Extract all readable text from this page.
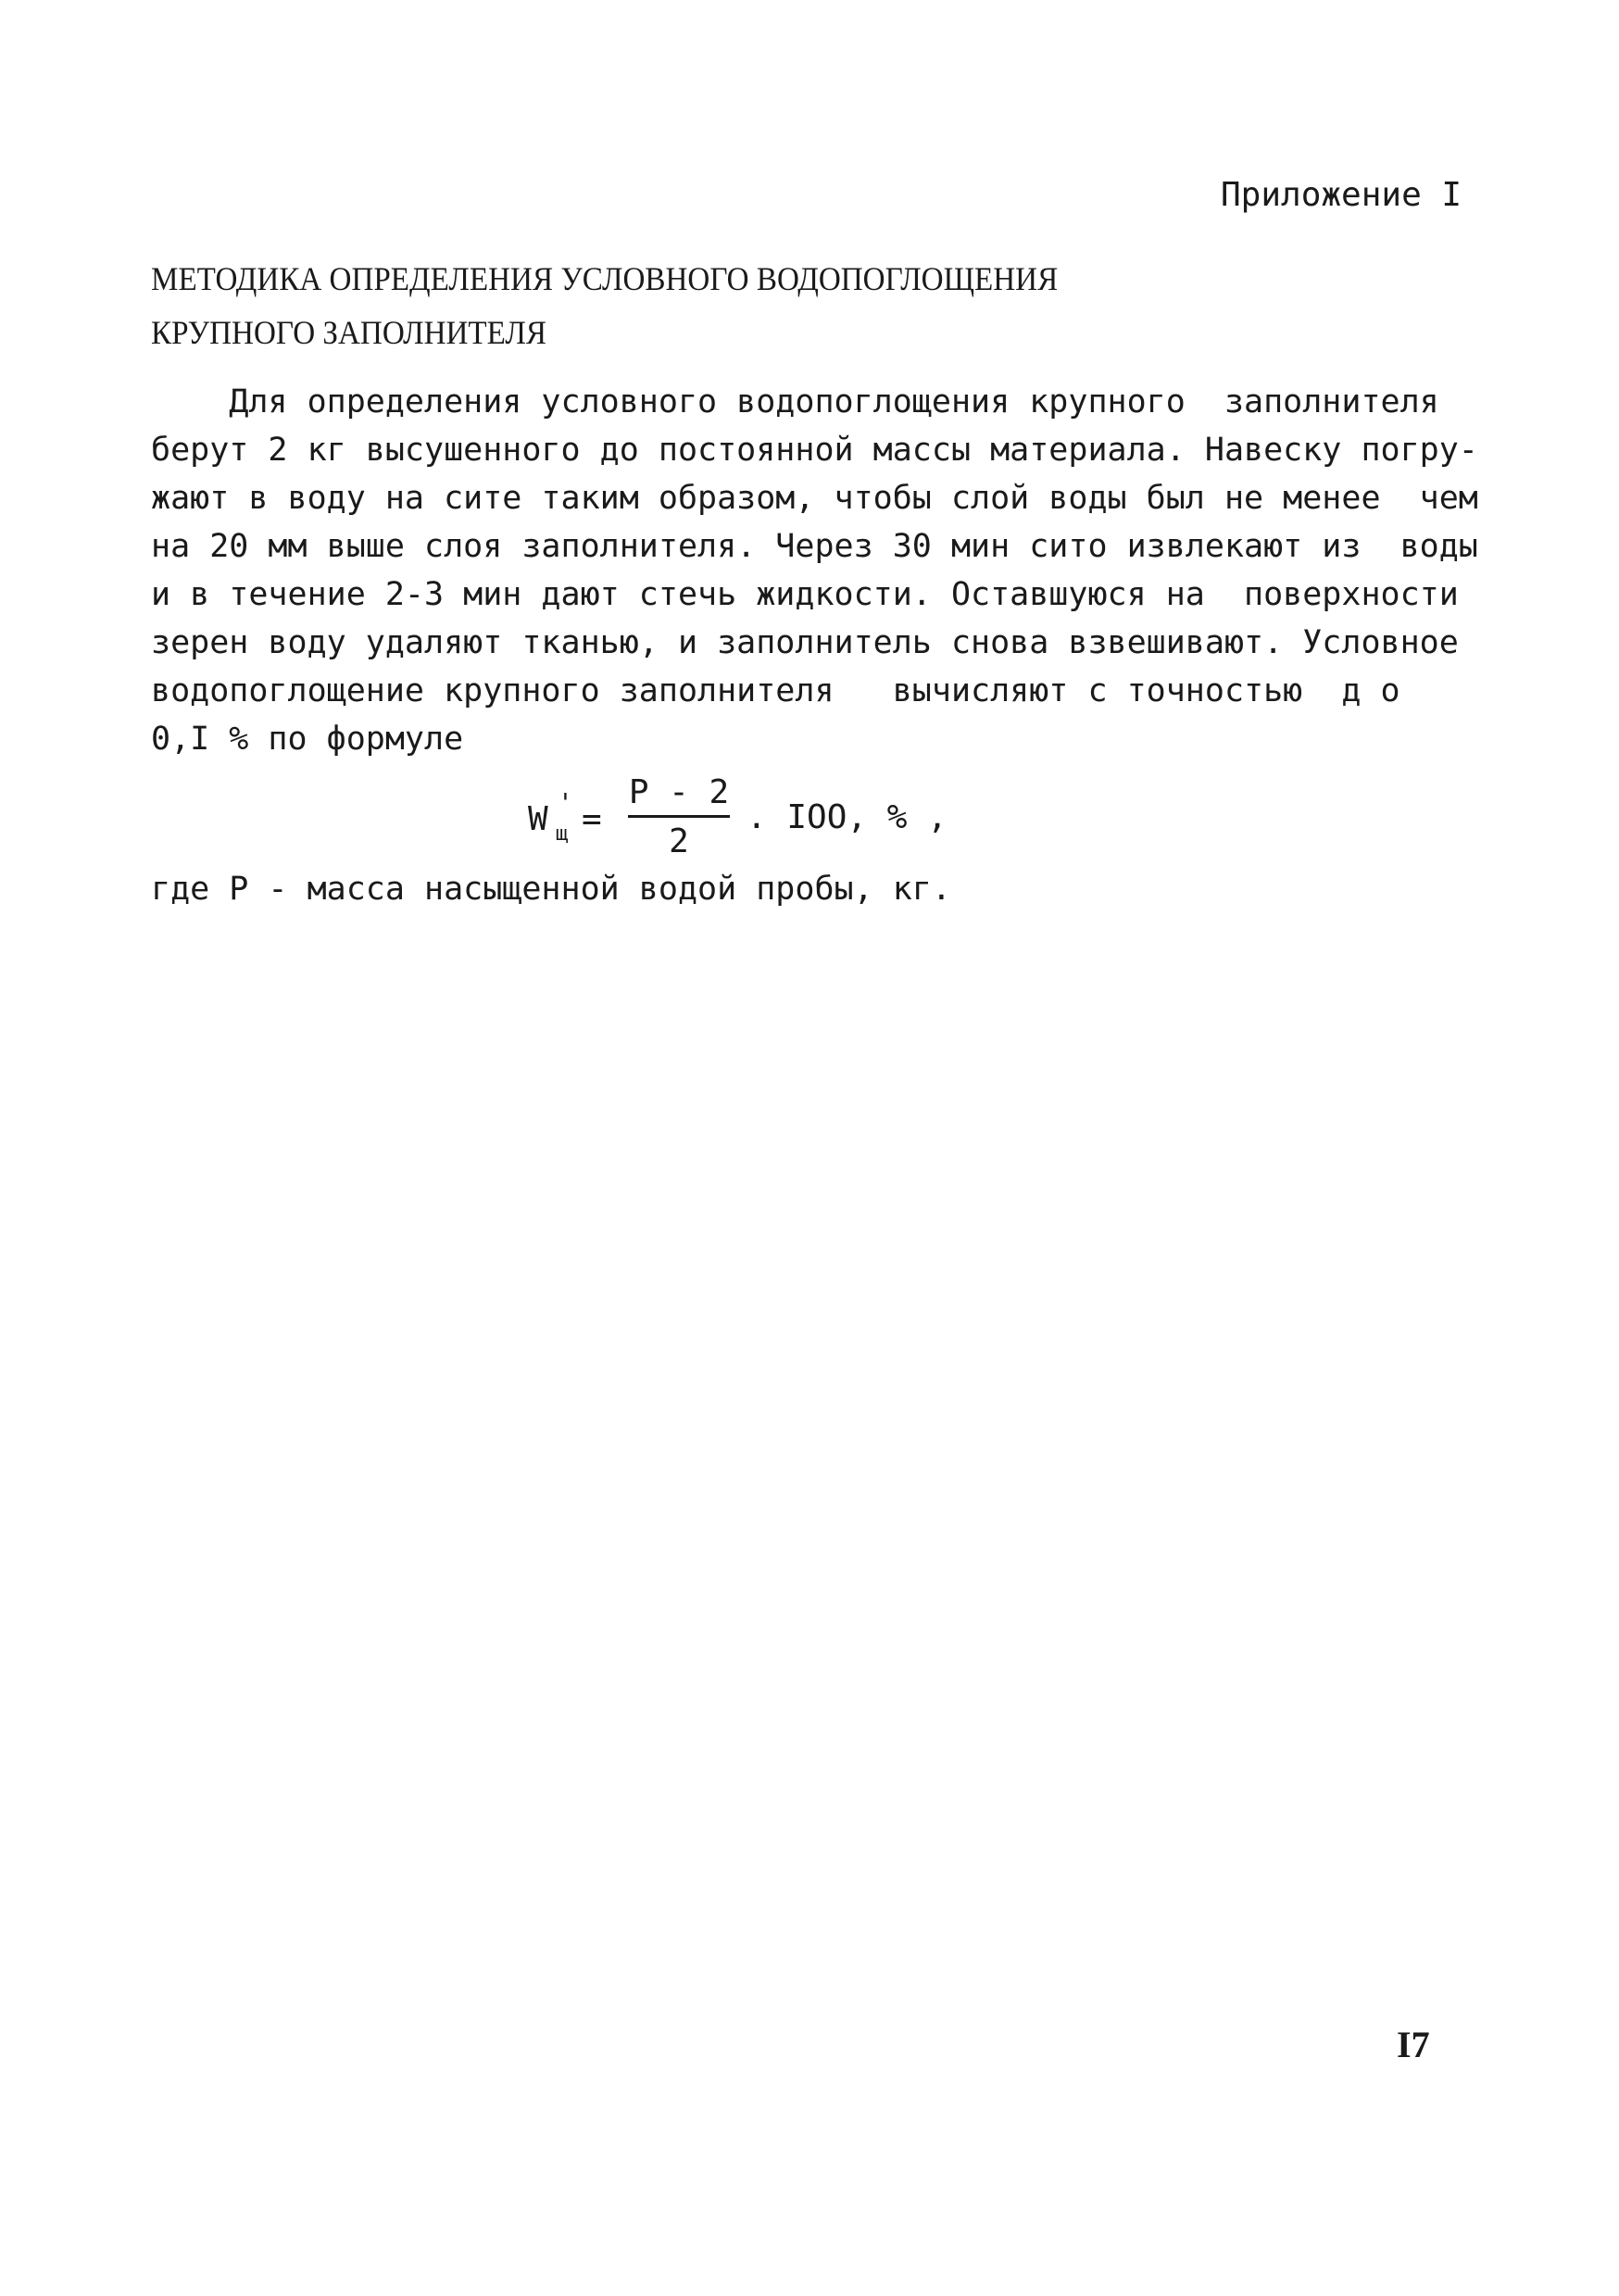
Приложение I
МЕТОДИКА ОПРЕДЕЛЕНИЯ УСЛОВНОГО ВОДОПОГЛОЩЕНИЯ
КРУПНОГО ЗАПОЛНИТЕЛЯ
Для определения условного водопоглощения крупного  заполнителя
берут 2 кг высушенного до постоянной массы материала. Навеску погру-
жают в воду на сите таким образом, чтобы слой воды был не менее  чем
на 20 мм выше слоя заполнителя. Через 30 мин сито извлекают из  воды
и в течение 2-3 мин дают стечь жидкости. Оставшуюся на  поверхности
зерен воду удаляют тканью, и заполнитель снова взвешивают. Условное
водопоглощение крупного заполнителя   вычисляют с точностью  д о
0,I % по формуле
W '
щ =
P - 2
2
. IOO, % ,
где P - масса насыщенной водой пробы, кг.
I7
